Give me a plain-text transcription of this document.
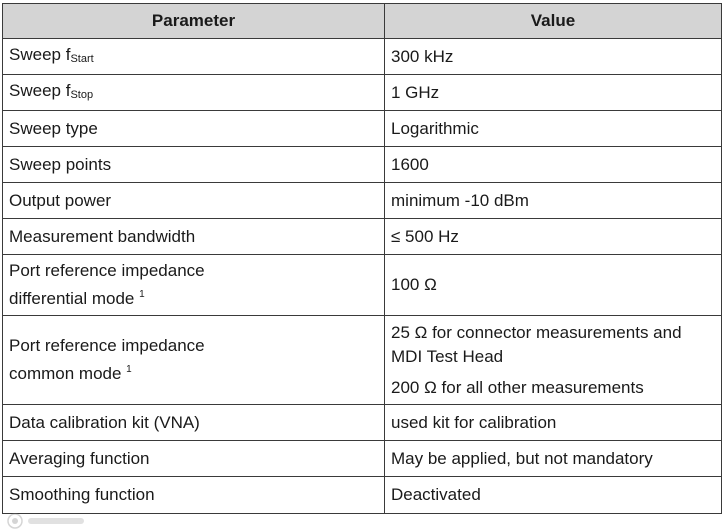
Parameter	Value
Sweep $f_{Start}$	300 kHz
Sweep $f_{Stop}$	1 GHz
Sweep type	Logarithmic
Sweep points	1600
Output power	minimum -10 dBm
Measurement bandwidth	≤ 500 Hz

Port reference impedance
differential mode $^1$	100 Ω

Port reference impedance
common mode $^1$	25 Ω for connector measurements and
MDI Test Head
200 Ω for all other measurements

Data calibration kit (VNA)	used kit for calibration
Averaging function	May be applied, but not mandatory
Smoothing function	Deactivated
